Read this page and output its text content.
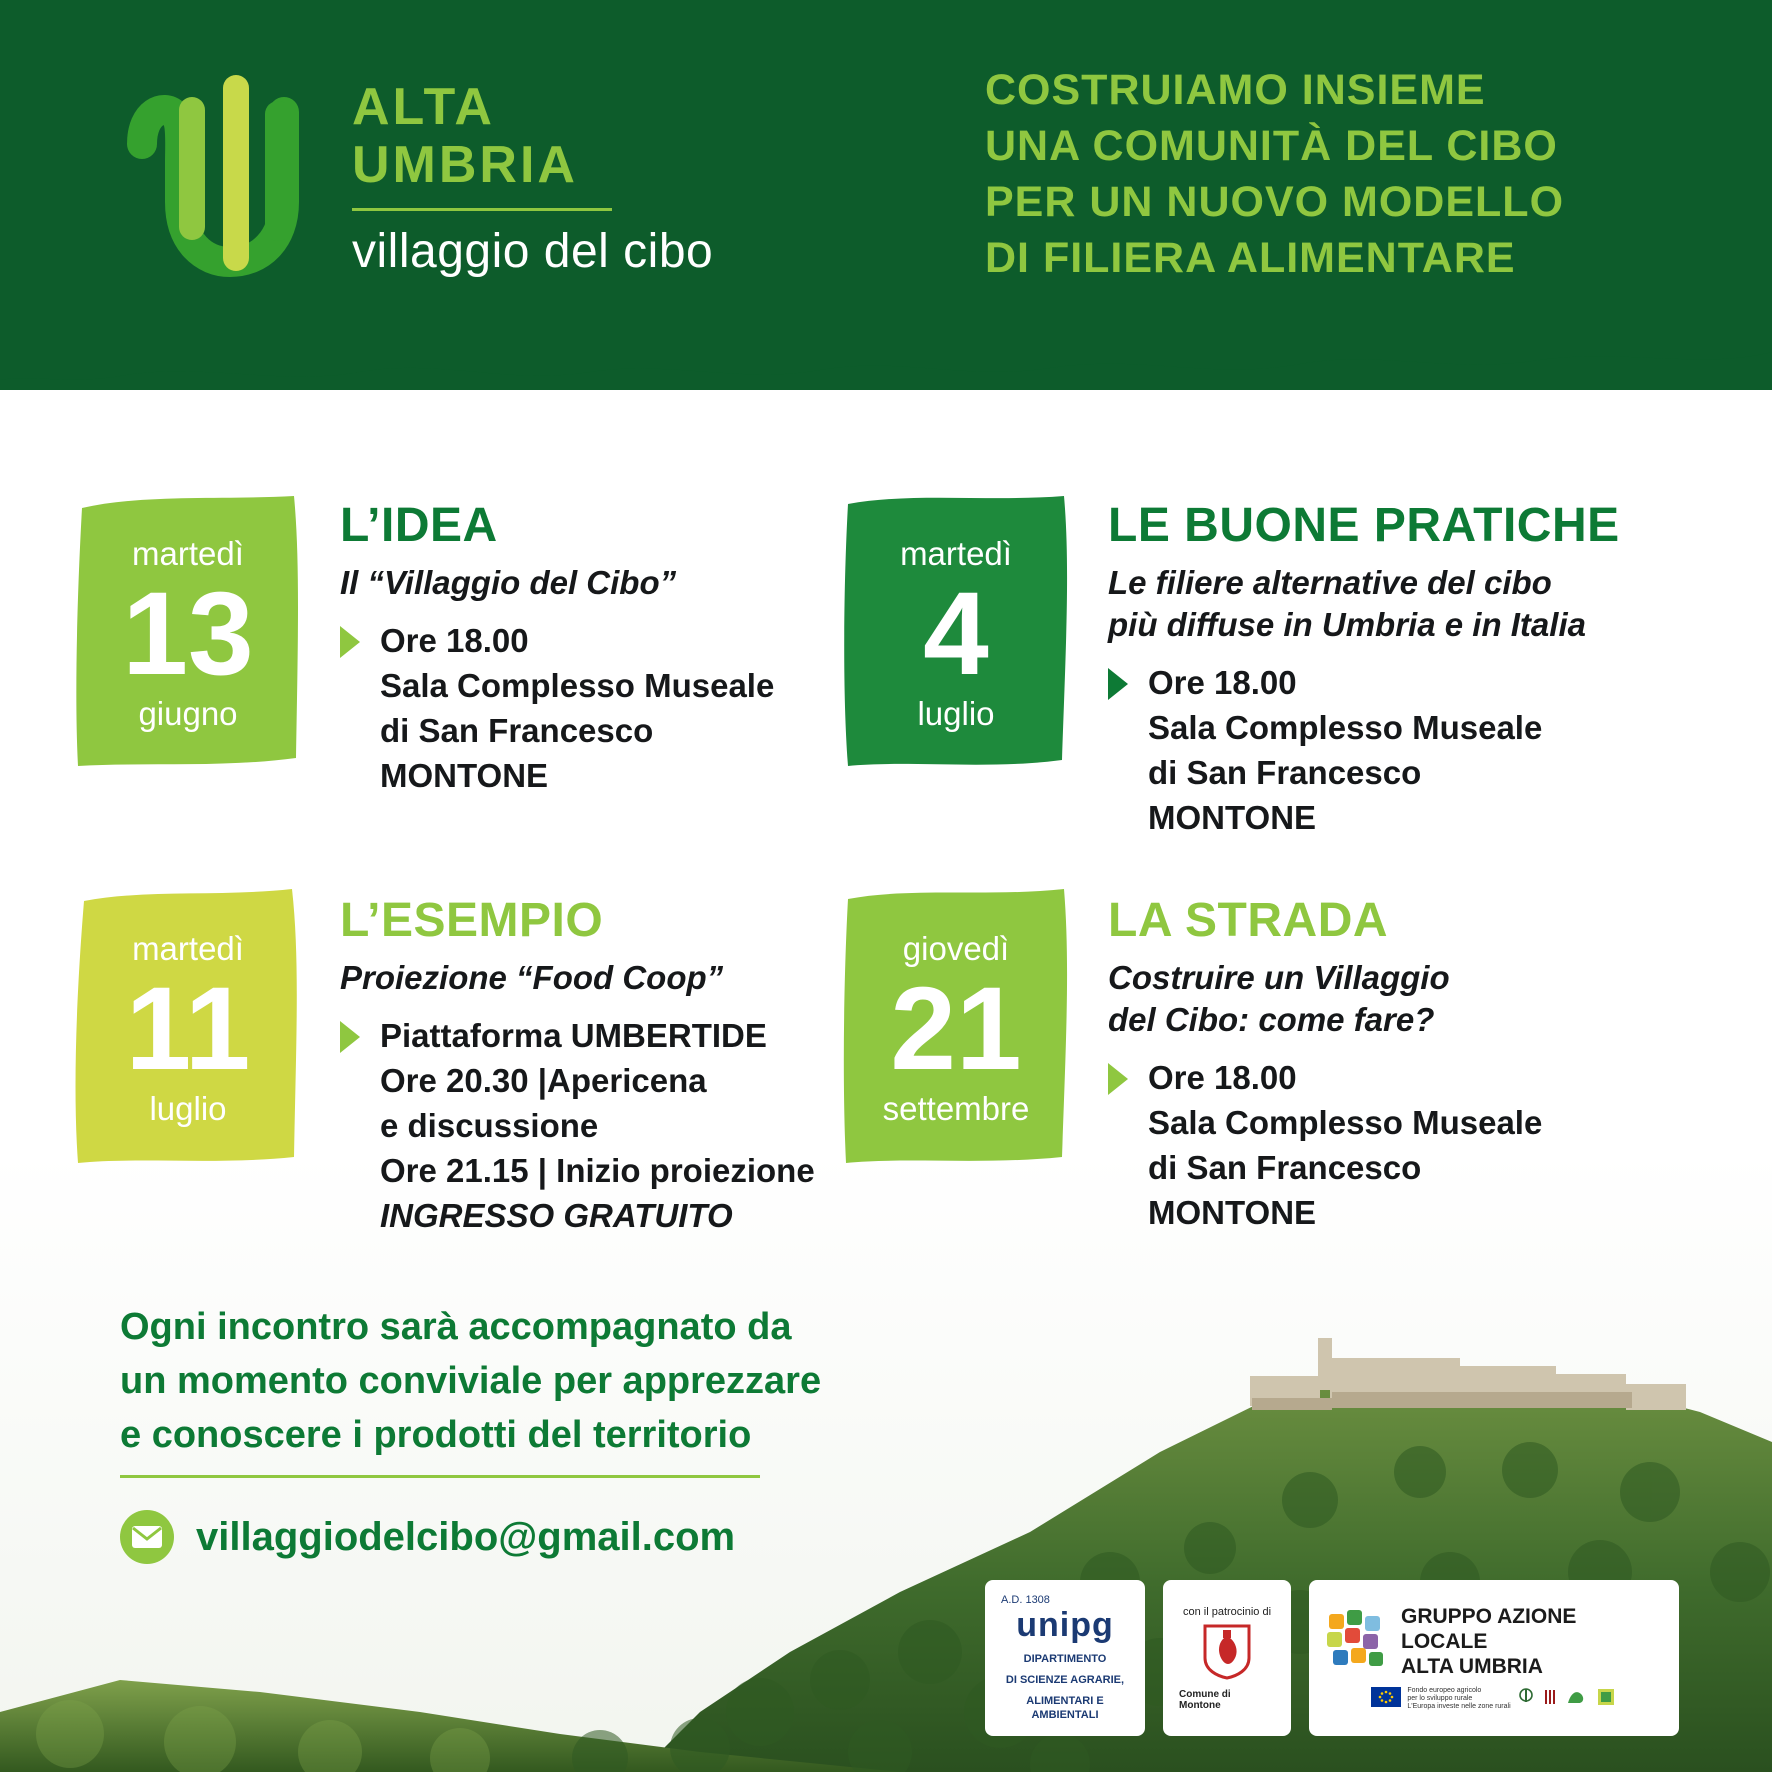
ALTA
UMBRIA
villaggio del cibo
COSTRUIAMO INSIEME
UNA COMUNITÀ DEL CIBO
PER UN NUOVO MODELLO
DI FILIERA ALIMENTARE
martedì
13
giugno
L’IDEA
Il “Villaggio del Cibo”
Ore 18.00
Sala Complesso Museale
di San Francesco
MONTONE
martedì
4
luglio
LE BUONE PRATICHE
Le filiere alternative del cibo
più diffuse in Umbria e in Italia
Ore 18.00
Sala Complesso Museale
di San Francesco
MONTONE
martedì
11
luglio
L’ESEMPIO
Proiezione “Food Coop”
Piattaforma UMBERTIDE
Ore 20.30 |Apericena
e discussione
Ore 21.15 | Inizio proiezione
INGRESSO GRATUITO
giovedì
21
settembre
LA STRADA
Costruire un Villaggio
del Cibo: come fare?
Ore 18.00
Sala Complesso Museale
di San Francesco
MONTONE
Ogni incontro sarà accompagnato da
un momento conviviale per apprezzare
e conoscere i prodotti del territorio
villaggiodelcibo@gmail.com
A.D. 1308
unipg
DIPARTIMENTO
DI SCIENZE AGRARIE,
ALIMENTARI E AMBIENTALI
con il patrocinio di
Comune di Montone
GRUPPO AZIONE LOCALE
ALTA UMBRIA
Fondo europeo agricolo
per lo sviluppo rurale
L'Europa investe nelle zone rurali
